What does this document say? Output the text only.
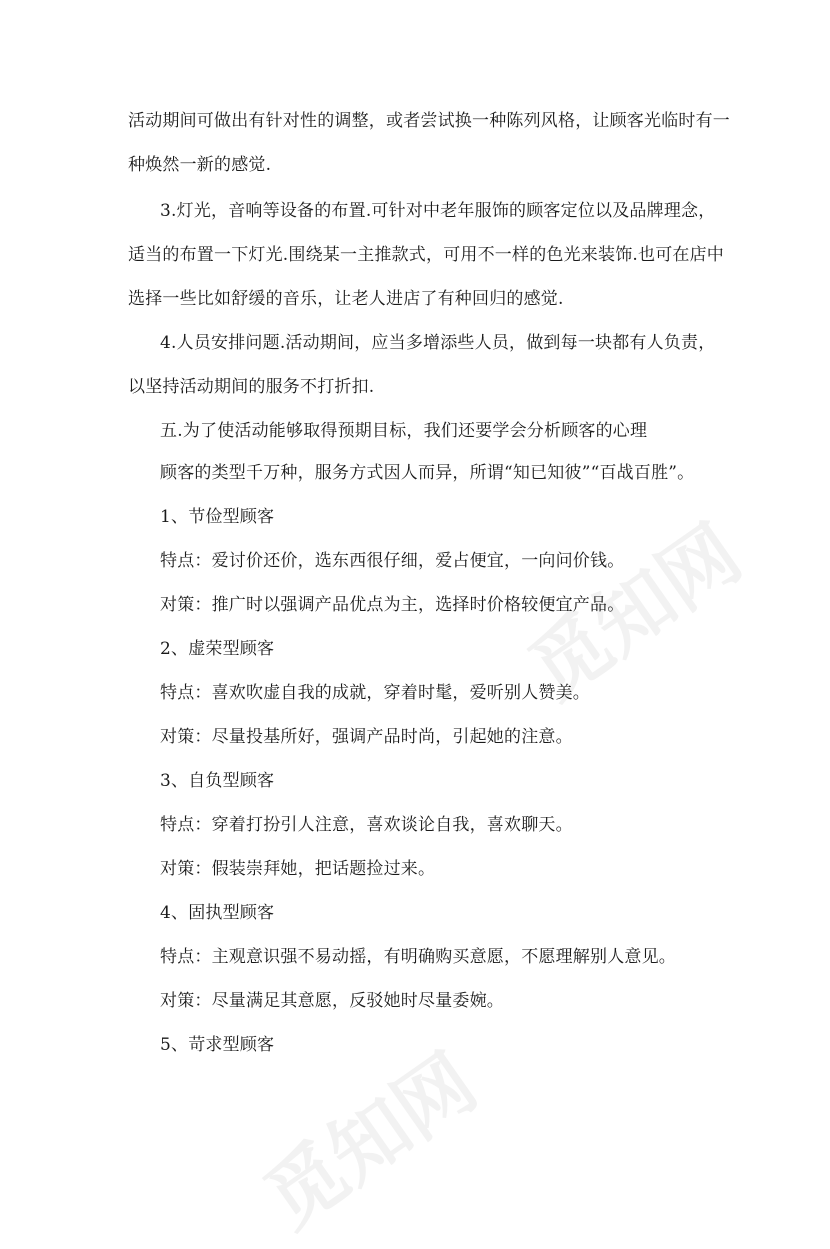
觅知网
觅知网
活动期间可做出有针对性的调整，或者尝试换一种陈列风格，让顾客光临时有一
种焕然一新的感觉.
3.灯光，音响等设备的布置.可针对中老年服饰的顾客定位以及品牌理念，
适当的布置一下灯光.围绕某一主推款式，可用不一样的色光来装饰.也可在店中
选择一些比如舒缓的音乐，让老人进店了有种回归的感觉.
4.人员安排问题.活动期间，应当多增添些人员，做到每一块都有人负责，
以坚持活动期间的服务不打折扣.
五.为了使活动能够取得预期目标，我们还要学会分析顾客的心理
顾客的类型千万种，服务方式因人而异，所谓“知已知彼”“百战百胜”。
1、节俭型顾客
特点：爱讨价还价，选东西很仔细，爱占便宜，一向问价钱。
对策：推广时以强调产品优点为主，选择时价格较便宜产品。
2、虚荣型顾客
特点：喜欢吹虚自我的成就，穿着时髦，爱听别人赞美。
对策：尽量投基所好，强调产品时尚，引起她的注意。
3、自负型顾客
特点：穿着打扮引人注意，喜欢谈论自我，喜欢聊天。
对策：假装崇拜她，把话题捡过来。
4、固执型顾客
特点：主观意识强不易动摇，有明确购买意愿，不愿理解别人意见。
对策：尽量满足其意愿，反驳她时尽量委婉。
5、苛求型顾客
